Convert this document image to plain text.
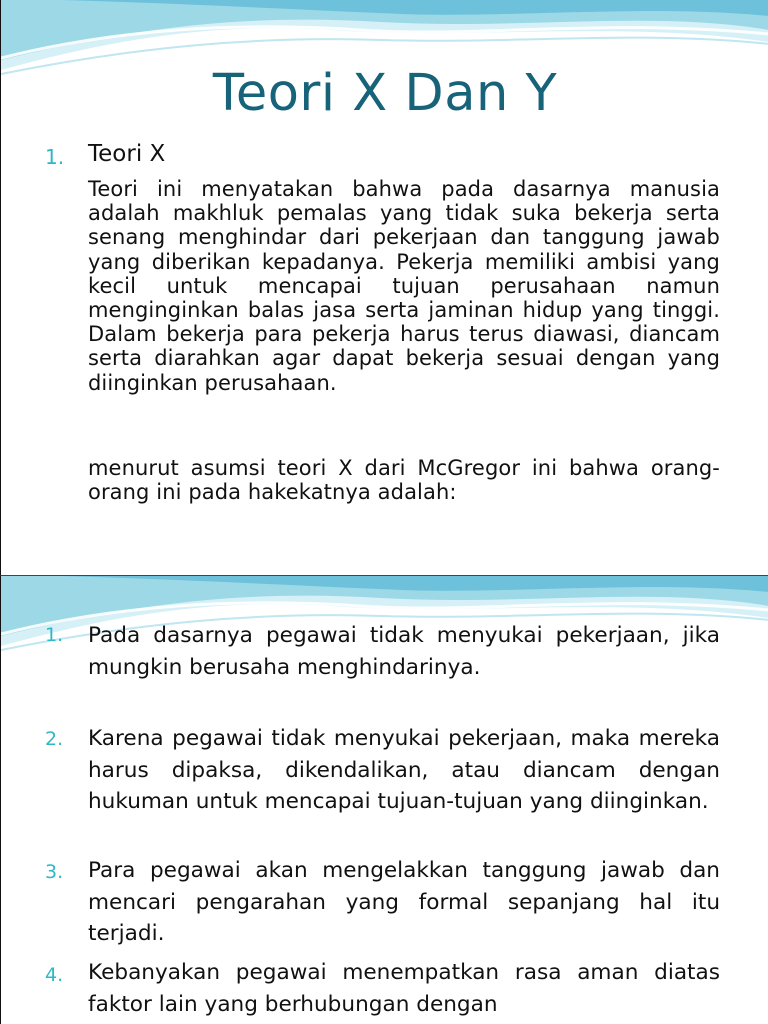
Teori X Dan Y
1. Teori X

Teori ini menyatakan bahwa pada dasarnya manusia adalah makhluk pemalas yang tidak suka bekerja serta senang menghindar dari pekerjaan dan tanggung jawab yang diberikan kepadanya. Pekerja memiliki ambisi yang kecil untuk mencapai tujuan perusahaan namun menginginkan balas jasa serta jaminan hidup yang tinggi. Dalam bekerja para pekerja harus terus diawasi, diancam serta diarahkan agar dapat bekerja sesuai dengan yang diinginkan perusahaan.

menurut asumsi teori X dari McGregor ini bahwa orang-orang ini pada hakekatnya adalah:

1. Pada dasarnya pegawai tidak menyukai pekerjaan, jika mungkin berusaha menghindarinya.

2. Karena pegawai tidak menyukai pekerjaan, maka mereka harus dipaksa, dikendalikan, atau diancam dengan hukuman untuk mencapai tujuan-tujuan yang diinginkan.

3. Para pegawai akan mengelakkan tanggung jawab dan mencari pengarahan yang formal sepanjang hal itu terjadi.

4. Kebanyakan pegawai menempatkan rasa aman diatas faktor lain yang berhubungan dengan
